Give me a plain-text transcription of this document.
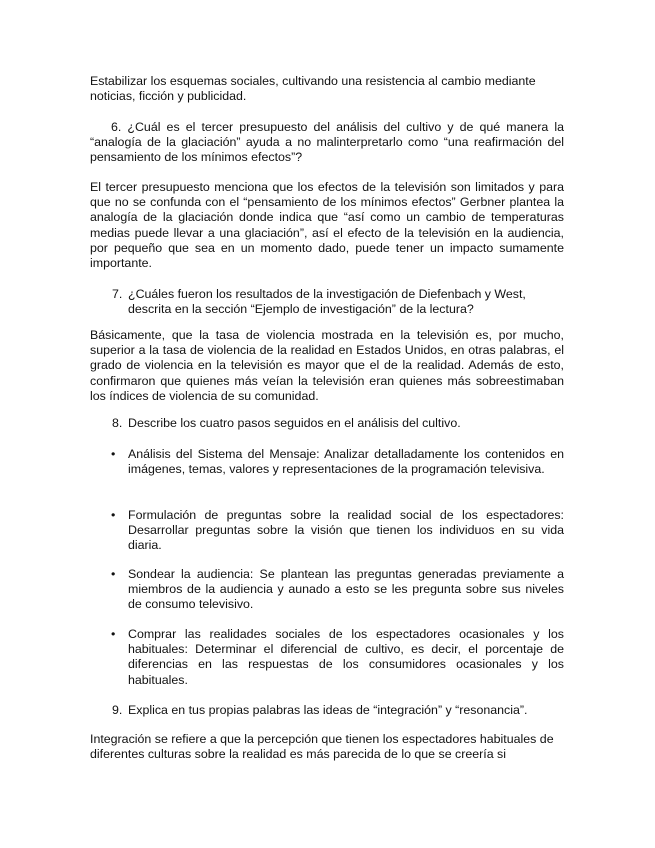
Estabilizar los esquemas sociales, cultivando una resistencia al cambio mediante noticias, ficción y publicidad.

6. ¿Cuál es el tercer presupuesto del análisis del cultivo y de qué manera la “analogía de la glaciación” ayuda a no malinterpretarlo como “una reafirmación del pensamiento de los mínimos efectos”?

El tercer presupuesto menciona que los efectos de la televisión son limitados y para que no se confunda con el “pensamiento de los mínimos efectos” Gerbner plantea la analogía de la glaciación donde indica que “así como un cambio de temperaturas medias puede llevar a una glaciación”, así el efecto de la televisión en la audiencia, por pequeño que sea en un momento dado, puede tener un impacto sumamente importante.

7. ¿Cuáles fueron los resultados de la investigación de Diefenbach y West, descrita en la sección “Ejemplo de investigación” de la lectura?

Básicamente, que la tasa de violencia mostrada en la televisión es, por mucho, superior a la tasa de violencia de la realidad en Estados Unidos, en otras palabras, el grado de violencia en la televisión es mayor que el de la realidad. Además de esto, confirmaron que quienes más veían la televisión eran quienes más sobreestimaban los índices de violencia de su comunidad.

8. Describe los cuatro pasos seguidos en el análisis del cultivo.
• Análisis del Sistema del Mensaje: Analizar detalladamente los contenidos en imágenes, temas, valores y representaciones de la programación televisiva.
• Formulación de preguntas sobre la realidad social de los espectadores: Desarrollar preguntas sobre la visión que tienen los individuos en su vida diaria.
• Sondear la audiencia: Se plantean las preguntas generadas previamente a miembros de la audiencia y aunado a esto se les pregunta sobre sus niveles de consumo televisivo.
• Comprar las realidades sociales de los espectadores ocasionales y los habituales: Determinar el diferencial de cultivo, es decir, el porcentaje de diferencias en las respuestas de los consumidores ocasionales y los habituales.
9. Explica en tus propias palabras las ideas de “integración” y “resonancia”.

Integración se refiere a que la percepción que tienen los espectadores habituales de diferentes culturas sobre la realidad es más parecida de lo que se creería si
